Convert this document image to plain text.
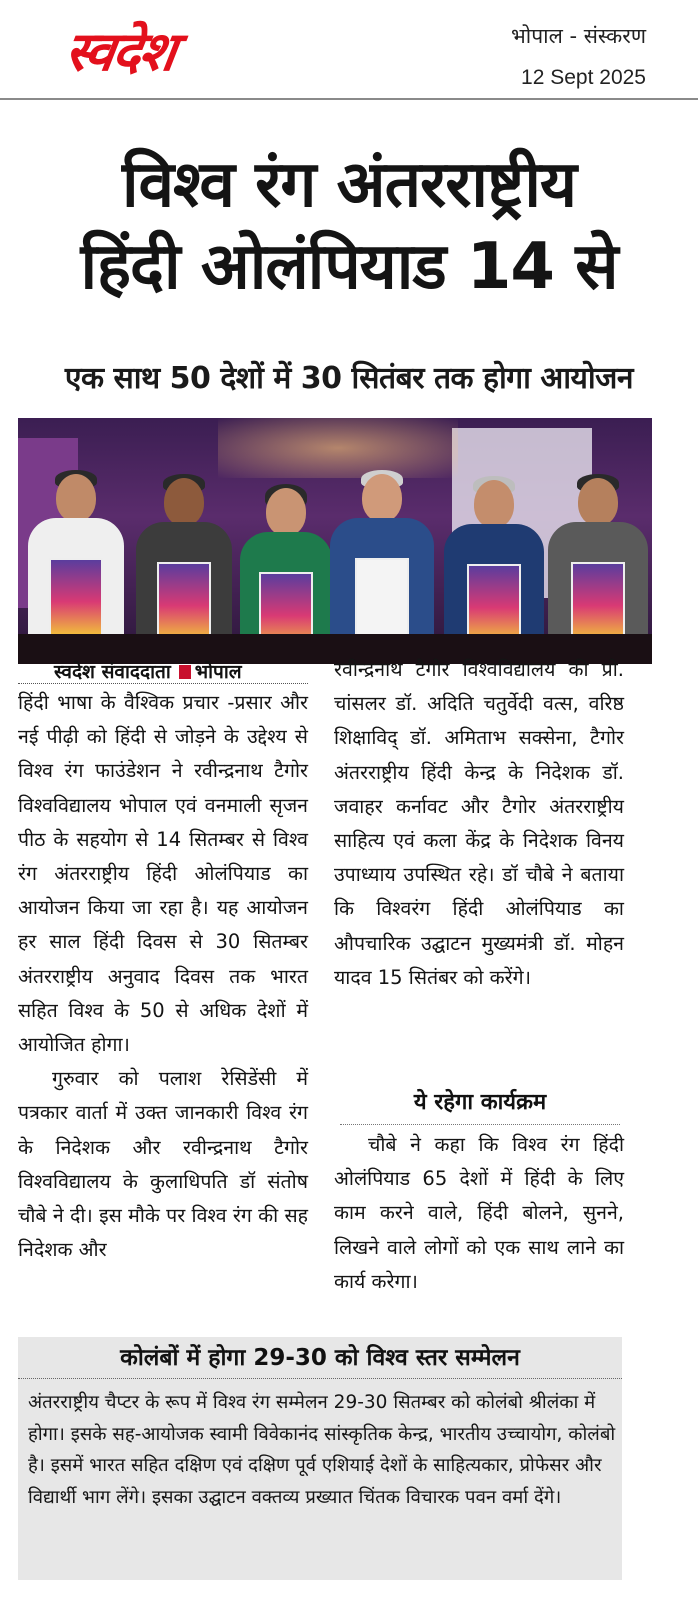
स्वदेश	भोपाल - संस्करण
12 Sept 2025
विश्व रंग अंतरराष्ट्रीय
हिंदी ओलंपियाड 14 से
एक साथ 50 देशों में 30 सितंबर तक होगा आयोजन
स्वदेश संवाददाता भोपाल

हिंदी भाषा के वैश्विक प्रचार -प्रसार और नई पीढ़ी को हिंदी से जोड़ने के उद्देश्य से विश्व रंग फाउंडेशन ने रवीन्द्रनाथ टैगोर विश्वविद्यालय भोपाल एवं वनमाली सृजन पीठ के सहयोग से 14 सितम्बर से विश्व रंग अंतरराष्ट्रीय हिंदी ओलंपियाड का आयोजन किया जा रहा है। यह आयोजन हर साल हिंदी दिवस से 30 सितम्बर अंतरराष्ट्रीय अनुवाद दिवस तक भारत सहित विश्व के 50 से अधिक देशों में आयोजित होगा।

गुरुवार को पलाश रेसिडेंसी में पत्रकार वार्ता में उक्त जानकारी विश्व रंग के निदेशक और रवीन्द्रनाथ टैगोर विश्वविद्यालय के कुलाधिपति डॉ संतोष चौबे ने दी। इस मौके पर विश्व रंग की सह निदेशक और

रवीन्द्रनाथ टैगोर विश्वविद्यालय की प्रो. चांसलर डॉ. अदिति चतुर्वेदी वत्स, वरिष्ठ शिक्षाविद् डॉ. अमिताभ सक्सेना, टैगोर अंतरराष्ट्रीय हिंदी केन्द्र के निदेशक डॉ. जवाहर कर्नावट और टैगोर अंतरराष्ट्रीय साहित्य एवं कला केंद्र के निदेशक विनय उपाध्याय उपस्थित रहे। डॉ चौबे ने बताया कि विश्वरंग हिंदी ओलंपियाड का औपचारिक उद्घाटन मुख्यमंत्री डॉ. मोहन यादव 15 सितंबर को करेंगे।

ये रहेगा कार्यक्रम

चौबे ने कहा कि विश्व रंग हिंदी ओलंपियाड 65 देशों में हिंदी के लिए काम करने वाले, हिंदी बोलने, सुनने, लिखने वाले लोगों को एक साथ लाने का कार्य करेगा।

कोलंबों में होगा 29-30 को विश्व स्तर सम्मेलन
अंतरराष्ट्रीय चैप्टर के रूप में विश्व रंग सम्मेलन 29-30 सितम्बर को कोलंबो श्रीलंका में होगा। इसके सह-आयोजक स्वामी विवेकानंद सांस्कृतिक केन्द्र, भारतीय उच्चायोग, कोलंबो है। इसमें भारत सहित दक्षिण एवं दक्षिण पूर्व एशियाई देशों के साहित्यकार, प्रोफेसर और विद्यार्थी भाग लेंगे। इसका उद्घाटन वक्तव्य प्रख्यात चिंतक विचारक पवन वर्मा देंगे।
